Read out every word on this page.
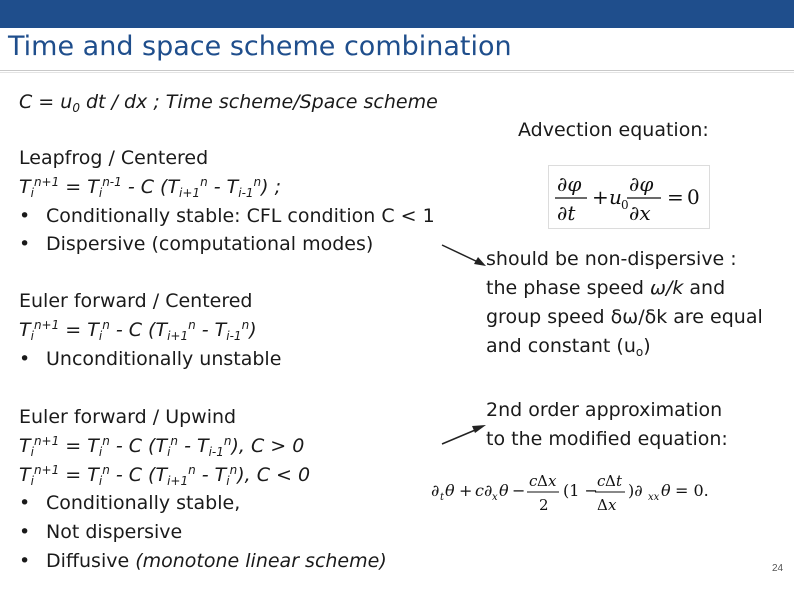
Time and space scheme combination
$C = u_0$ dt / dx ; Time scheme/Space scheme
Leapfrog / Centered
$T_i^{n+1} = T_i^{n-1} - C$ $(T_{i+1}^n - T_{i-1}^n)$ ;
• Conditionally stable: CFL condition C < 1
• Dispersive (computational modes)
Euler forward / Centered
$T_i^{n+1} = T_i^n - C$ $(T_{i+1}^n - T_{i-1}^n)$
• Unconditionally unstable
Euler forward / Upwind
$T_i^{n+1} = T_i^n - C$ $(T_i^n - T_{i-1}^n)$, C > 0
$T_i^{n+1} = T_i^n - C$ $(T_{i+1}^n - T_i^n)$, C < 0
• Conditionally stable,
• Not dispersive
• Diffusive (monotone linear scheme)
Advection equation:
∂φ
∂t
+ u 0
∂φ
∂x
= 0
should be non-dispersive :
the phase speed ω/k and
group speed δω/δk are equal
and constant $(u_o)$
2nd order approximation
to the modified equation:
∂ t θ + c∂ x θ − c Δ x
2
(1 − c Δ t
Δ x
)∂ xx θ = 0.
24
